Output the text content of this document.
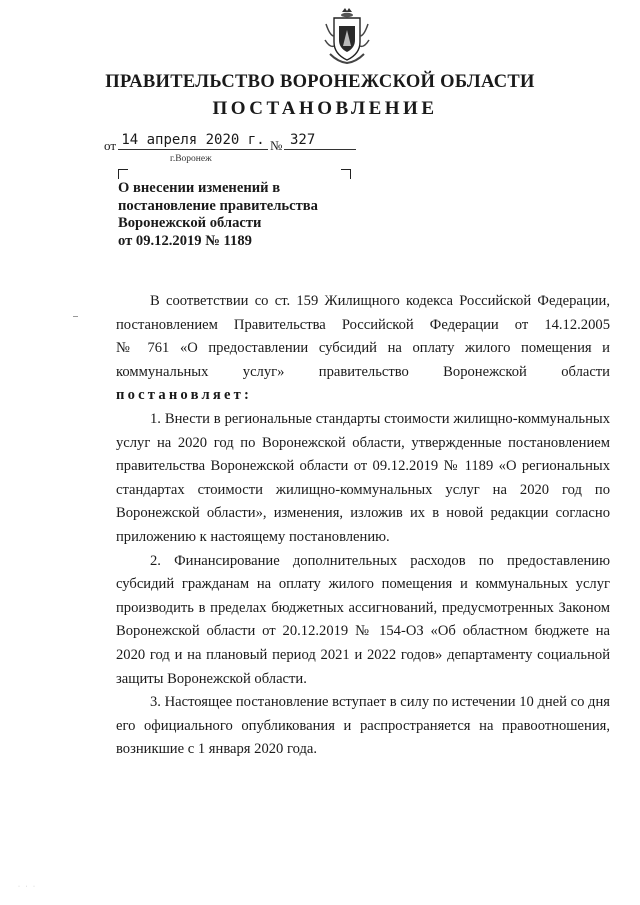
ПРАВИТЕЛЬСТВО ВОРОНЕЖСКОЙ ОБЛАСТИ
ПОСТАНОВЛЕНИЕ
от 14 апреля 2020 г. № 327
г.Воронеж
О внесении изменений в
постановление правительства
Воронежской области
от 09.12.2019 № 1189

В соответствии со ст. 159 Жилищного кодекса Российской Федерации,

постановлением Правительства Российской Федерации от 14.12.2005

№ 761 «О предоставлении субсидий на оплату жилого помещения и

коммунальных услуг» правительство Воронежской области

постановляет:

1. Внести в региональные стандарты стоимости жилищно-коммунальных услуг на 2020 год по Воронежской области, утвержденные постановлением правительства Воронежской области от 09.12.2019 № 1189 «О региональных стандартах стоимости жилищно-коммунальных услуг на 2020 год по Воронежской области», изменения, изложив их в новой редакции согласно приложению к настоящему постановлению.

2. Финансирование дополнительных расходов по предоставлению субсидий гражданам на оплату жилого помещения и коммунальных услуг производить в пределах бюджетных ассигнований, предусмотренных Законом Воронежской области от 20.12.2019 № 154-ОЗ «Об областном бюджете на 2020 год и на плановый период 2021 и 2022 годов» департаменту социальной защиты Воронежской области.

3. Настоящее постановление вступает в силу по истечении 10 дней со дня его официального опубликования и распространяется на правоотношения, возникшие с 1 января 2020 года.

· · ·
